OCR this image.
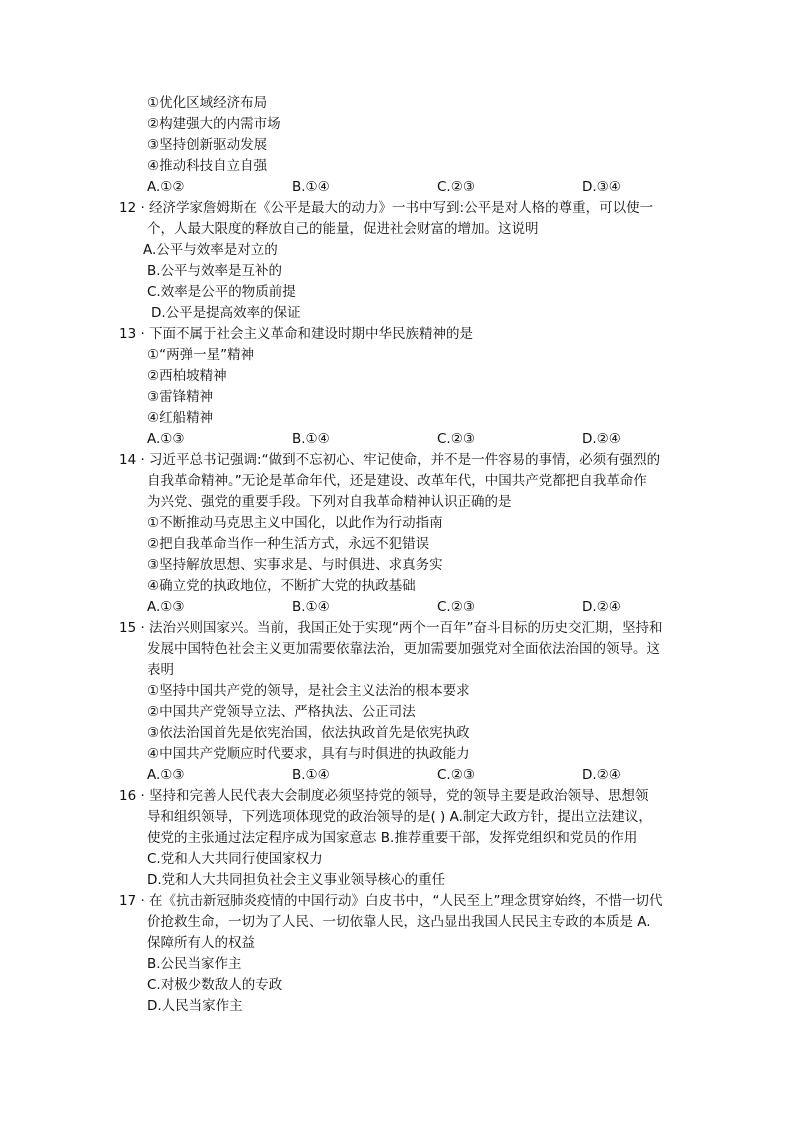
①优化区域经济布局
②构建强大的内需市场
③坚持创新驱动发展
④推动科技自立自强
A.①②	B.①④	C.②③	D.③④
12 · 经济学家詹姆斯在《公平是最大的动力》一书中写到:公平是对人格的尊重，可以使一
个，人最大限度的释放自己的能量，促进社会财富的增加。这说明
A.公平与效率是对立的
B.公平与效率是互补的
C.效率是公平的物质前提
D.公平是提高效率的保证
13 · 下面不属于社会主义革命和建设时期中华民族精神的是
①“两弹一星”精神
②西柏坡精神
③雷锋精神
④红船精神
A.①③	B.①④	C.②③	D.②④
14 · 习近平总书记强调:“做到不忘初心、牢记使命，并不是一件容易的事情，必须有强烈的
自我革命精神。”无论是革命年代，还是建设、改革年代，中国共产党都把自我革命作
为兴党、强党的重要手段。下列对自我革命精神认识正确的是
①不断推动马克思主义中国化，以此作为行动指南
②把自我革命当作一种生活方式，永远不犯错误
③坚持解放思想、实事求是、与时俱进、求真务实
④确立党的执政地位，不断扩大党的执政基础
A.①③	B.①④	C.②③	D.②④
15 · 法治兴则国家兴。当前，我国正处于实现“两个一百年”奋斗目标的历史交汇期，坚持和
发展中国特色社会主义更加需要依靠法治，更加需要加强党对全面依法治国的领导。这
表明
①坚持中国共产党的领导，是社会主义法治的根本要求
②中国共产党领导立法、严格执法、公正司法
③依法治国首先是依宪治国，依法执政首先是依宪执政
④中国共产党顺应时代要求，具有与时俱进的执政能力
A.①③	B.①④	C.②③	D.②④
16 · 坚持和完善人民代表大会制度必须坚持党的领导，党的领导主要是政治领导、思想领
导和组织领导，下列选项体现党的政治领导的是( ) A.制定大政方针，提出立法建议，
使党的主张通过法定程序成为国家意志 B.推荐重要干部，发挥党组织和党员的作用
C.党和人大共同行使国家权力
D.党和人大共同担负社会主义事业领导核心的重任
17 · 在《抗击新冠肺炎疫情的中国行动》白皮书中，“人民至上”理念贯穿始终，不惜一切代
价抢救生命，一切为了人民、一切依靠人民，这凸显出我国人民民主专政的本质是 A.
保障所有人的权益
B.公民当家作主
C.对极少数敌人的专政
D.人民当家作主
